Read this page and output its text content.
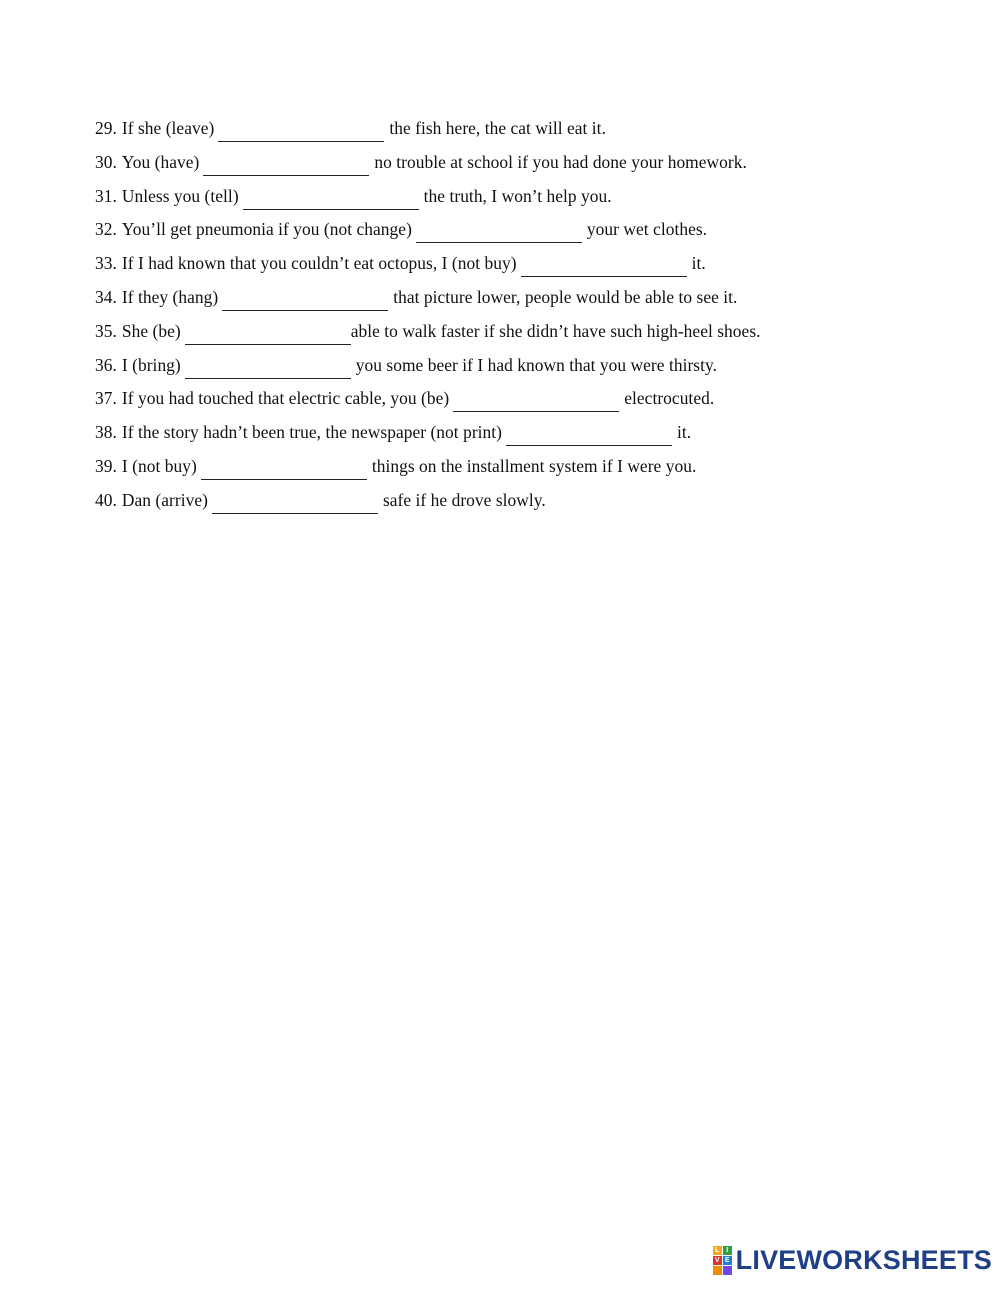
29. If she (leave)	the fish here, the cat will eat it.
30. You (have)	no trouble at school if you had done your homework.
31. Unless you (tell)	the truth, I won’t help you.
32. You’ll get pneumonia if you (not change)	your wet clothes.
33. If I had known that you couldn’t eat octopus, I (not buy)	it.
34. If they (hang)	that picture lower, people would be able to see it.
35. She (be)	able to walk faster if she didn’t have such high-heel shoes.
36. I (bring)	you some beer if I had known that you were thirsty.
37. If you had touched that electric cable, you (be)	electrocuted.
38. If the story hadn’t been true, the newspaper (not print)	it.
39. I (not buy)	things on the installment system if I were you.
40. Dan (arrive)	safe if he drove slowly.
L I
V E LIVEWORKSHEETS
